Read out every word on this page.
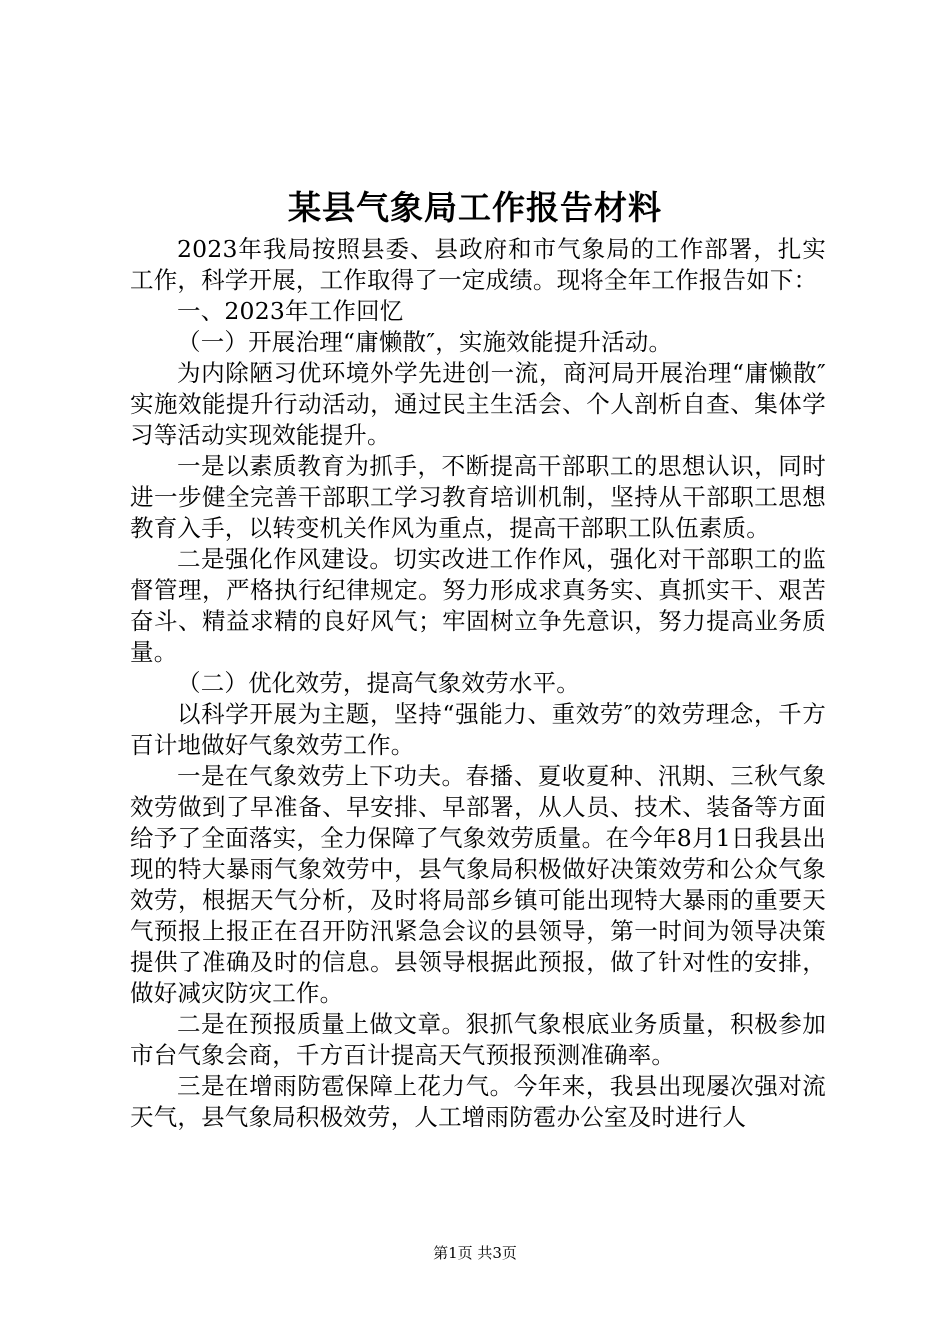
某县气象局工作报告材料

2023年我局按照县委、县政府和市气象局的工作部署，扎实工作，科学开展，工作取得了一定成绩。现将全年工作报告如下：

一、2023年工作回忆

（一）开展治理“庸懒散″，实施效能提升活动。

为内除陋习优环境外学先进创一流，商河局开展治理“庸懒散″实施效能提升行动活动，通过民主生活会、个人剖析自查、集体学习等活动实现效能提升。

一是以素质教育为抓手，不断提高干部职工的思想认识，同时进一步健全完善干部职工学习教育培训机制，坚持从干部职工思想教育入手，以转变机关作风为重点，提高干部职工队伍素质。

二是强化作风建设。切实改进工作作风，强化对干部职工的监督管理，严格执行纪律规定。努力形成求真务实、真抓实干、艰苦奋斗、精益求精的良好风气；牢固树立争先意识，努力提高业务质量。

（二）优化效劳，提高气象效劳水平。

以科学开展为主题，坚持“强能力、重效劳″的效劳理念，千方百计地做好气象效劳工作。

一是在气象效劳上下功夫。春播、夏收夏种、汛期、三秋气象效劳做到了早准备、早安排、早部署，从人员、技术、装备等方面给予了全面落实，全力保障了气象效劳质量。在今年8月1日我县出现的特大暴雨气象效劳中，县气象局积极做好决策效劳和公众气象效劳，根据天气分析，及时将局部乡镇可能出现特大暴雨的重要天气预报上报正在召开防汛紧急会议的县领导，第一时间为领导决策提供了准确及时的信息。县领导根据此预报，做了针对性的安排，做好减灾防灾工作。

二是在预报质量上做文章。狠抓气象根底业务质量，积极参加市台气象会商，千方百计提高天气预报预测准确率。

三是在增雨防雹保障上花力气。今年来，我县出现屡次强对流天气，县气象局积极效劳，人工增雨防雹办公室及时进行人

第1页 共3页
